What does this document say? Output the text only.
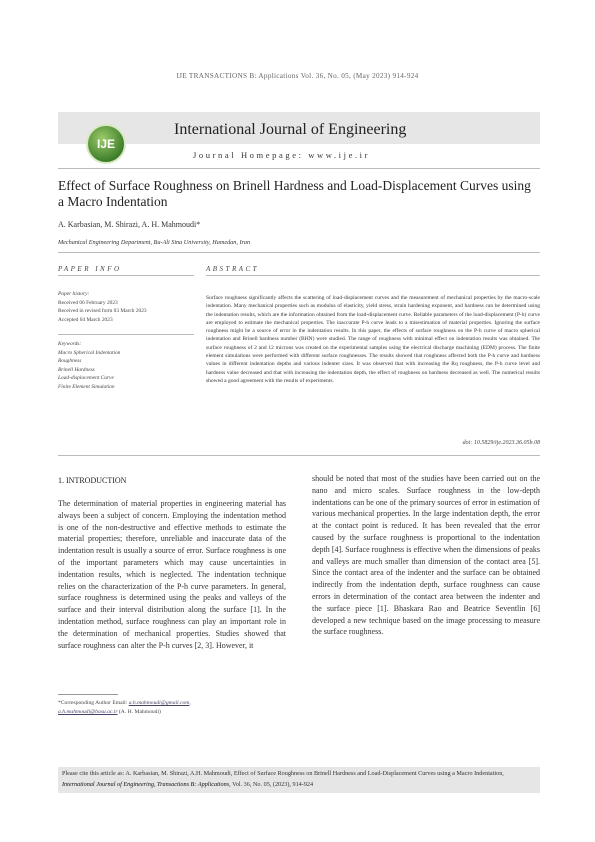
IJE TRANSACTIONS B: Applications Vol. 36, No. 05, (May 2023) 914-924
IJE
International Journal of Engineering
Journal Homepage: www.ije.ir
Effect of Surface Roughness on Brinell Hardness and Load-Displacement Curves using a Macro Indentation
A. Karbasian, M. Shirazi, A. H. Mahmoudi*
Mechanical Engineering Department, Bu-Ali Sina University, Hamedan, Iran
PAPER INFO	ABSTRACT
Paper history:
Received 06 February 2023
Received in revised form 03 March 2023
Accepted 04 March 2023
Keywords:
Macro Spherical Indentation
Roughness
Brinell Hardness
Load-displacement Curve
Finite Element Simulation
Surface roughness significantly affects the scattering of load-displacement curves and the measurement of mechanical properties by the macro-scale indentation. Many mechanical properties such as modulus of elasticity, yield stress, strain hardening exponent, and hardness can be determined using the indentation results, which are the information obtained from the load-displacement curve. Reliable parameters of the load-displacement (P-h) curve are employed to estimate the mechanical properties. The inaccurate P-h curve leads to a misestimation of material properties. Ignoring the surface roughness might be a source of error in the indentation results. In this paper, the effects of surface roughness on the P-h curve of macro spherical indentation and Brinell hardness number (BHN) were studied. The range of roughness with minimal effect on indentation results was obtained. The surface roughness of 2 and 12 microns was created on the experimental samples using the electrical discharge machining (EDM) process. The finite element simulations were performed with different surface roughnesses. The results showed that roughness affected both the P-h curve and hardness values in different indentation depths and various indenter sizes. It was observed that with increasing the Rq roughness, the P-h curve level and hardness value decreased and that with increasing the indentation depth, the effect of roughness on hardness decreased as well. The numerical results showed a good agreement with the results of experiments.
doi: 10.5829/ije.2023.36.05b.08
1. INTRODUCTION
The determination of material properties in engineering material has always been a subject of concern. Employing the indentation method is one of the non-destructive and effective methods to estimate the material properties; therefore, unreliable and inaccurate data of the indentation result is usually a source of error. Surface roughness is one of the important parameters which may cause uncertainties in indentation results, which is neglected. The indentation technique relies on the characterization of the P-h curve parameters. In general, surface roughness is determined using the peaks and valleys of the surface and their interval distribution along the surface [1]. In the indentation method, surface roughness can play an important role in the determination of mechanical properties. Studies showed that surface roughness can alter the P-h curves [2, 3]. However, it
should be noted that most of the studies have been carried out on the nano and micro scales. Surface roughness in the low-depth indentations can be one of the primary sources of error in estimation of various mechanical properties. In the large indentation depth, the error at the contact point is reduced. It has been revealed that the error caused by the surface roughness is proportional to the indentation depth [4]. Surface roughness is effective when the dimensions of peaks and valleys are much smaller than dimension of the contact area [5]. Since the contact area of the indenter and the surface can be obtained indirectly from the indentation depth, surface roughness can cause errors in determination of the contact area between the indenter and the surface piece [1]. Bhaskara Rao and Beatrice Seventlin [6] developed a new technique based on the image processing to measure the surface roughness.
*Corresponding Author Email: a.h.mahmoudi@gmail.com,
a.h.mahmoudi@basu.ac.ir (A. H. Mahmoudi)
Please cite this article as: A. Karbasian, M. Shirazi, A.H. Mahmoudi, Effect of Surface Roughness on Brinell Hardness and Load-Displacement Curves using a Macro Indentation, International Journal of Engineering, Transactions B: Applications, Vol. 36, No. 05, (2023), 914-924
